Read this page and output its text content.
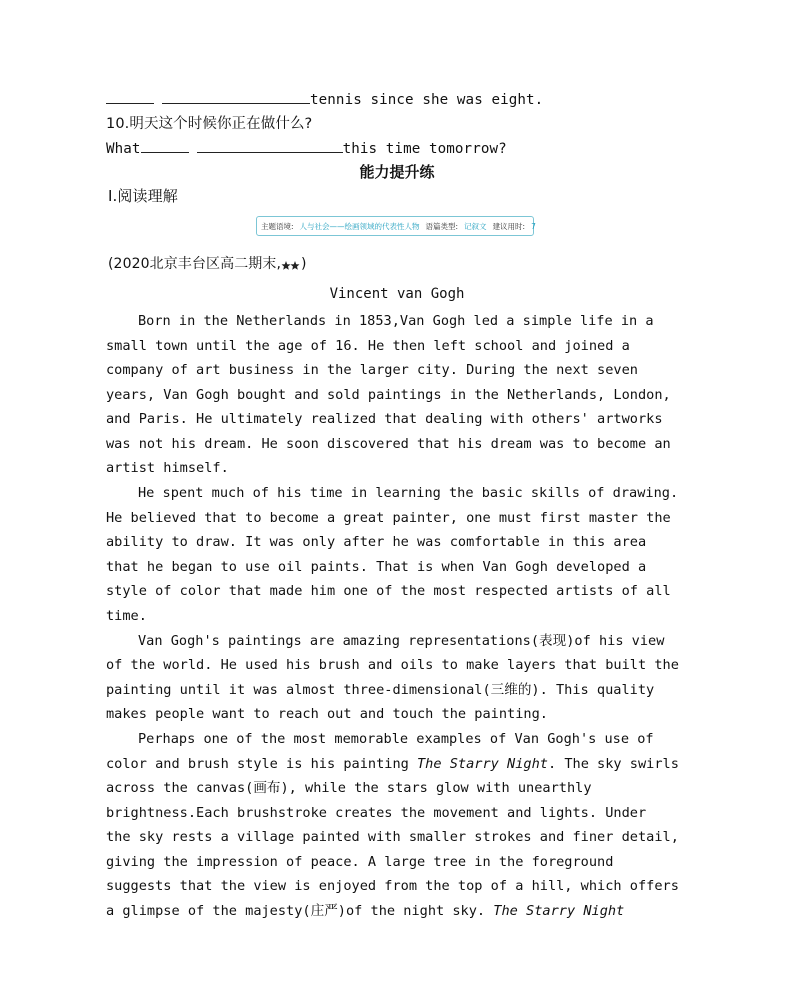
tennis since she was eight.
10.明天这个时候你正在做什么?
What	this time tomorrow?
能力提升练
Ⅰ.阅读理解
主题语境: 人与社会——绘画领域的代表性人物 语篇类型: 记叙文 建议用时: 7
(2020北京丰台区高二期末, )
Vincent van Gogh
Born in the Netherlands in 1853,Van Gogh led a simple life in a
small town until the age of 16. He then left school and joined a
company of art business in the larger city. During the next seven
years, Van Gogh bought and sold paintings in the Netherlands, London,
and Paris. He ultimately realized that dealing with others' artworks
was not his dream. He soon discovered that his dream was to become an
artist himself.
He spent much of his time in learning the basic skills of drawing.
He believed that to become a great painter, one must first master the
ability to draw. It was only after he was comfortable in this area
that he began to use oil paints. That is when Van Gogh developed a
style of color that made him one of the most respected artists of all
time.
Van Gogh's paintings are amazing representations(表现)of his view
of the world. He used his brush and oils to make layers that built the
painting until it was almost three-dimensional(三维的). This quality
makes people want to reach out and touch the painting.
Perhaps one of the most memorable examples of Van Gogh's use of
color and brush style is his painting The Starry Night. The sky swirls
across the canvas(画布), while the stars glow with unearthly
brightness.Each brushstroke creates the movement and lights. Under
the sky rests a village painted with smaller strokes and finer detail,
giving the impression of peace. A large tree in the foreground
suggests that the view is enjoyed from the top of a hill, which offers
a glimpse of the majesty(庄严)of the night sky. The Starry Night
